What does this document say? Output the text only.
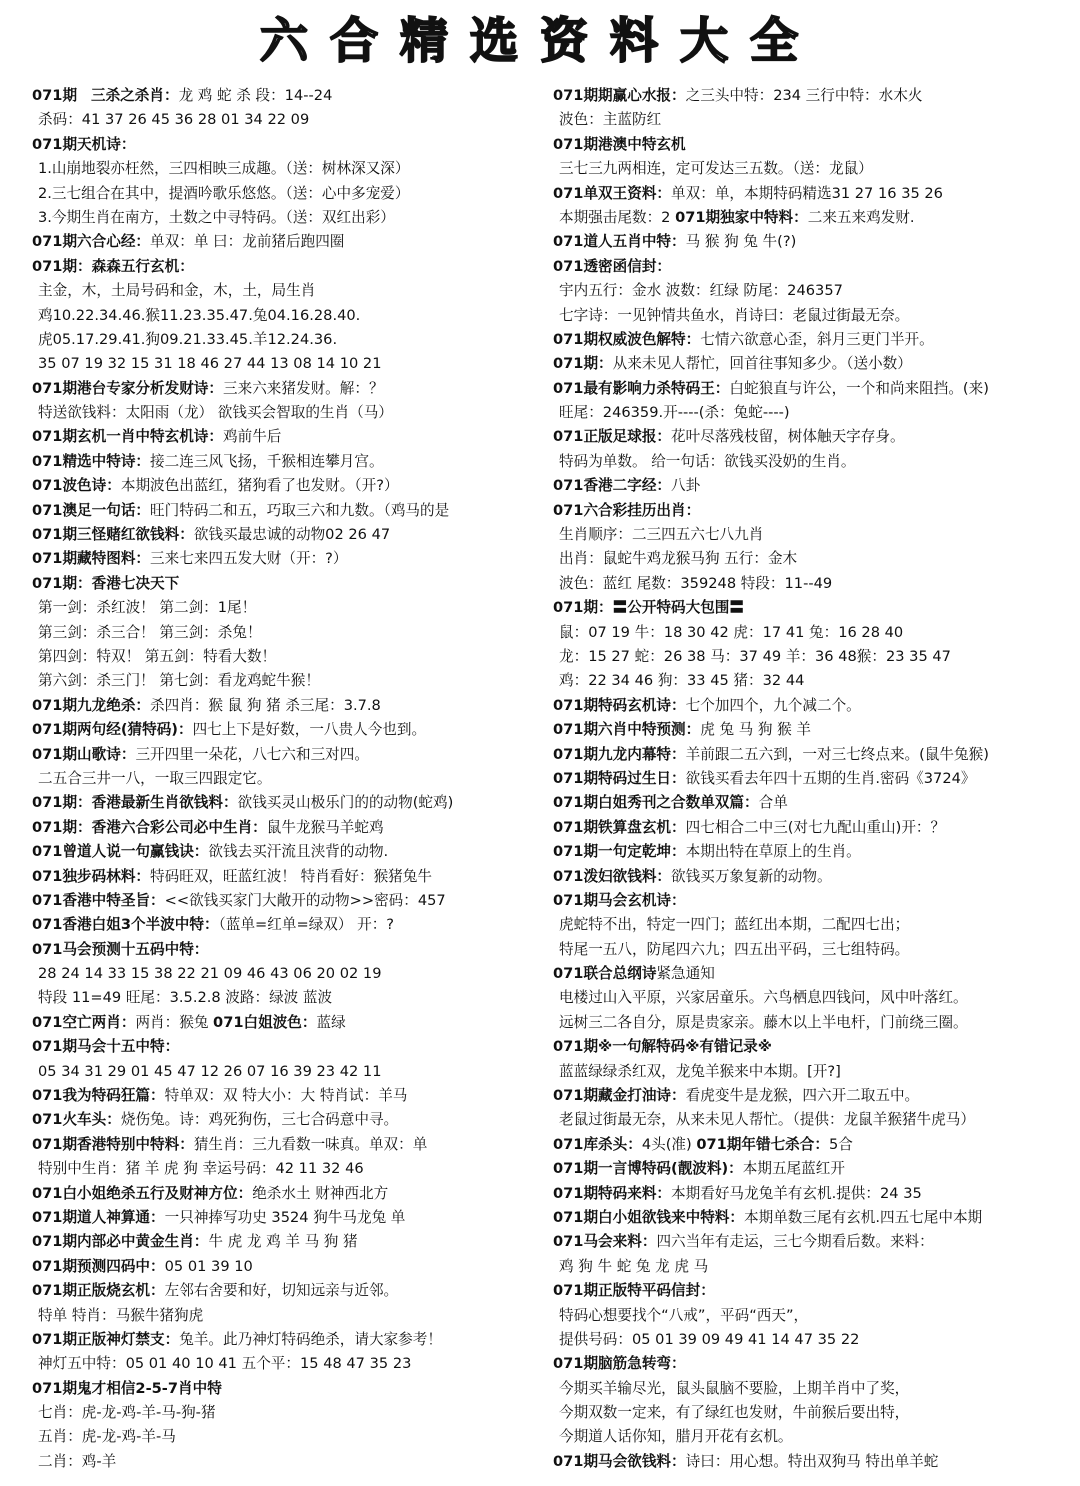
六合精选资料大全
071期 三杀之杀肖：龙 鸡 蛇 杀 段：14--24
杀码：41 37 26 45 36 28 01 34 22 09
071期天机诗：
1.山崩地裂亦枉然，三四相映三成趣。（送：树林深又深）
2.三七组合在其中，提酒吟歌乐悠悠。（送：心中多宠爱）
3.今期生肖在南方，土数之中寻特码。（送：双红出彩）
071期六合心经：单双：单 曰：龙前猪后跑四圈
071期：森森五行玄机：
主金，木，土局号码和金，木，土，局生肖
鸡10.22.34.46.猴11.23.35.47.兔04.16.28.40.
虎05.17.29.41.狗09.21.33.45.羊12.24.36.
35 07 19 32 15 31 18 46 27 44 13 08 14 10 21
071期港台专家分析发财诗：三来六来猪发财。解：？
特送欲钱料：太阳雨（龙） 欲钱买会智取的生肖（马）
071期玄机一肖中特玄机诗：鸡前牛后
071精选中特诗：接二连三风飞扬，千猴相连攀月宫。
071波色诗：本期波色出蓝红，猪狗看了也发财。（开?）
071澳足一句话：旺门特码二和五，巧取三六和九数。（鸡马的是
071期三怪赌红欲钱料：欲钱买最忠诚的动物02 26 47
071期藏特图料：三来七来四五发大财（开：?）
071期：香港七决天下
第一剑：杀红波！ 第二剑：1尾！
第三剑：杀三合！ 第三剑：杀兔！
第四剑：特双！ 第五剑：特看大数！
第六剑：杀三门！ 第七剑：看龙鸡蛇牛猴！
071期九龙绝杀：杀四肖：猴 鼠 狗 猪 杀三尾：3.7.8
071期两句经(猜特码)：四七上下是好数，一八贵人今也到。
071期山歌诗：三开四里一朵花，八七六和三对四。
二五合三井一八，一取三四跟定它。
071期：香港最新生肖欲钱料：欲钱买灵山极乐门的的动物(蛇鸡)
071期：香港六合彩公司必中生肖：鼠牛龙猴马羊蛇鸡
071曾道人说一句赢钱诀：欲钱去买汗流且浃背的动物.
071独步码林料：特码旺双，旺蓝红波！ 特肖看好：猴猪兔牛
071香港中特圣旨：<<欲钱买家门大敞开的动物>>密码：457
071香港白姐3个半波中特：（蓝单=红单=绿双） 开：?
071马会预测十五码中特：
28 24 14 33 15 38 22 21 09 46 43 06 20 02 19
特段 11=49 旺尾：3.5.2.8 波路：绿波 蓝波
071空亡两肖：两肖：猴兔 071白姐波色：蓝绿
071期马会十五中特：
05 34 31 29 01 45 47 12 26 07 16 39 23 42 11
071我为特码狂篇：特单双：双 特大小：大 特肖试：羊马
071火车头：烧伤兔。诗：鸡死狗伤，三七合码意中寻。
071期香港特别中特料：猜生肖：三九看数一味真。单双：单
特别中生肖：猪 羊 虎 狗 幸运号码：42 11 32 46
071白小姐绝杀五行及财神方位：绝杀水土 财神西北方
071期道人神算通：一只神捧写功史 3524 狗牛马龙兔 单
071期内部必中黄金生肖：牛 虎 龙 鸡 羊 马 狗 猪
071期预测四码中：05 01 39 10
071期正版烧玄机：左邻右舍要和好，切知远亲与近邻。
特单 特肖：马猴牛猪狗虎
071期正版神灯禁支：兔羊。此乃神灯特码绝杀，请大家参考！
神灯五中特：05 01 40 10 41 五个平：15 48 47 35 23
071期鬼才相信2-5-7肖中特
七肖：虎-龙-鸡-羊-马-狗-猪
五肖：虎-龙-鸡-羊-马
二肖：鸡-羊
071期期赢心水报：之三头中特：234 三行中特：水木火
波色：主蓝防红
071期港澳中特玄机
三七三九两相连，定可发达三五数。（送：龙鼠）
071单双王资料：单双：单，本期特码精选31 27 16 35 26
本期强击尾数：2 071期独家中特料：二来五来鸡发财.
071道人五肖中特：马 猴 狗 兔 牛(?)
071透密函信封：
宇内五行：金水 波数：红绿 防尾：246357
七字诗：一见钟情共鱼水，肖诗曰：老鼠过街最无奈。
071期权威波色解特：七情六欲意心歪，斜月三更门半开。
071期：从来未见人帮忙，回首往事知多少。（送小数）
071最有影响力杀特码王：白蛇狼直与许公，一个和尚来阻挡。(来)
旺尾：246359.开----(杀：兔蛇----)
071正版足球报：花叶尽落残枝留，树体触天字存身。
特码为单数。 给一句话：欲钱买没奶的生肖。
071香港二字经：八卦
071六合彩挂历出肖：
生肖顺序：二三四五六七八九肖
出肖：鼠蛇牛鸡龙猴马狗 五行：金木
波色：蓝红 尾数：359248 特段：11--49
071期：〓公开特码大包围〓
鼠：07 19 牛：18 30 42 虎：17 41 兔：16 28 40
龙：15 27 蛇：26 38 马：37 49 羊：36 48猴：23 35 47
鸡：22 34 46 狗：33 45 猪：32 44
071期特码玄机诗：七个加四个，九个减二个。
071期六肖中特预测：虎 兔 马 狗 猴 羊
071期九龙内幕特：羊前跟二五六到，一对三七终点来。(鼠牛兔猴)
071期特码过生日：欲钱买看去年四十五期的生肖.密码《3724》
071期白姐秀刊之合数单双篇：合单
071期铁算盘玄机：四七相合二中三(对七九配山重山)开：？
071期一句定乾坤：本期出特在草原上的生肖。
071泼妇欲钱料：欲钱买万象复新的动物。
071期马会玄机诗：
虎蛇特不出，特定一四门；蓝红出本期，二配四七出；
特尾一五八，防尾四六九；四五出平码，三七组特码。
071联合总纲诗紧急通知
电楼过山入平原，兴家居童乐。六鸟栖息四钱问，风中叶落红。
远树三二各自分，原是贵家亲。藤木以上半电杆，门前绕三圈。
071期※一句解特码※有错记录※
蓝蓝绿绿杀红双，龙兔羊猴来中本期。[开?]
071期藏金打油诗：看虎变牛是龙猴，四六开二取五中。
老鼠过街最无奈，从来未见人帮忙。（提供：龙鼠羊猴猪牛虎马）
071库杀头：4头(准) 071期年错七杀合：5合
071期一言博特码(靓波料)：本期五尾蓝红开
071期特码来料：本期看好马龙兔羊有玄机.提供：24 35
071期白小姐欲钱来中特料：本期单数三尾有玄机.四五七尾中本期
071马会来料：四六当年有走运，三七今期看后数。来料：
鸡 狗 牛 蛇 兔 龙 虎 马
071期正版特平码信封：
特码心想要找个“八戒”，平码“西天”，
提供号码：05 01 39 09 49 41 14 47 35 22
071期脑筋急转弯：
今期买羊输尽光，鼠头鼠脑不要脸，上期羊肖中了奖，
今期双数一定来，有了绿红也发财，牛前猴后要出特，
今期道人话你知，腊月开花有玄机。
071期马会欲钱料：诗曰：用心想。特出双狗马 特出单羊蛇
